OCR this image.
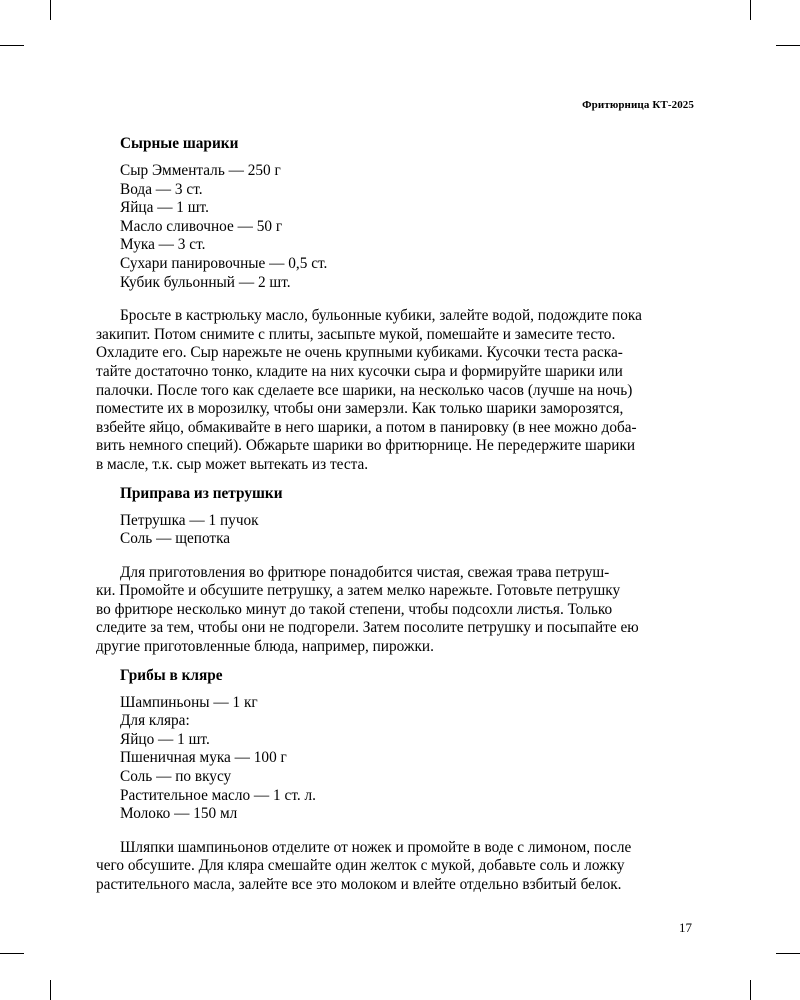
Фритюрница КТ-2025
Сырные шарики
Сыр Эмменталь — 250 г
Вода — 3 ст.
Яйца — 1 шт.
Масло сливочное — 50 г
Мука — 3 ст.
Сухари панировочные — 0,5 ст.
Кубик бульонный — 2 шт.
Бросьте в кастрюльку масло, бульонные кубики, залейте водой, подождите пока
закипит. Потом снимите с плиты, засыпьте мукой, помешайте и замесите тесто.
Охладите его. Сыр нарежьте не очень крупными кубиками. Кусочки теста раска-
тайте достаточно тонко, кладите на них кусочки сыра и формируйте шарики или
палочки. После того как сделаете все шарики, на несколько часов (лучше на ночь)
поместите их в морозилку, чтобы они замерзли. Как только шарики заморозятся,
взбейте яйцо, обмакивайте в него шарики, а потом в панировку (в нее можно доба-
вить немного специй). Обжарьте шарики во фритюрнице. Не передержите шарики
в масле, т.к. сыр может вытекать из теста.
Приправа из петрушки
Петрушка — 1 пучок
Соль — щепотка
Для приготовления во фритюре понадобится чистая, свежая трава петруш-
ки. Промойте и обсушите петрушку, а затем мелко нарежьте. Готовьте петрушку
во фритюре несколько минут до такой степени, чтобы подсохли листья. Только
следите за тем, чтобы они не подгорели. Затем посолите петрушку и посыпайте ею
другие приготовленные блюда, например, пирожки.
Грибы в кляре
Шампиньоны — 1 кг
Для кляра:
Яйцо — 1 шт.
Пшеничная мука — 100 г
Соль — по вкусу
Растительное масло — 1 ст. л.
Молоко — 150 мл
Шляпки шампиньонов отделите от ножек и промойте в воде с лимоном, после
чего обсушите. Для кляра смешайте один желток с мукой, добавьте соль и ложку
растительного масла, залейте все это молоком и влейте отдельно взбитый белок.
17
